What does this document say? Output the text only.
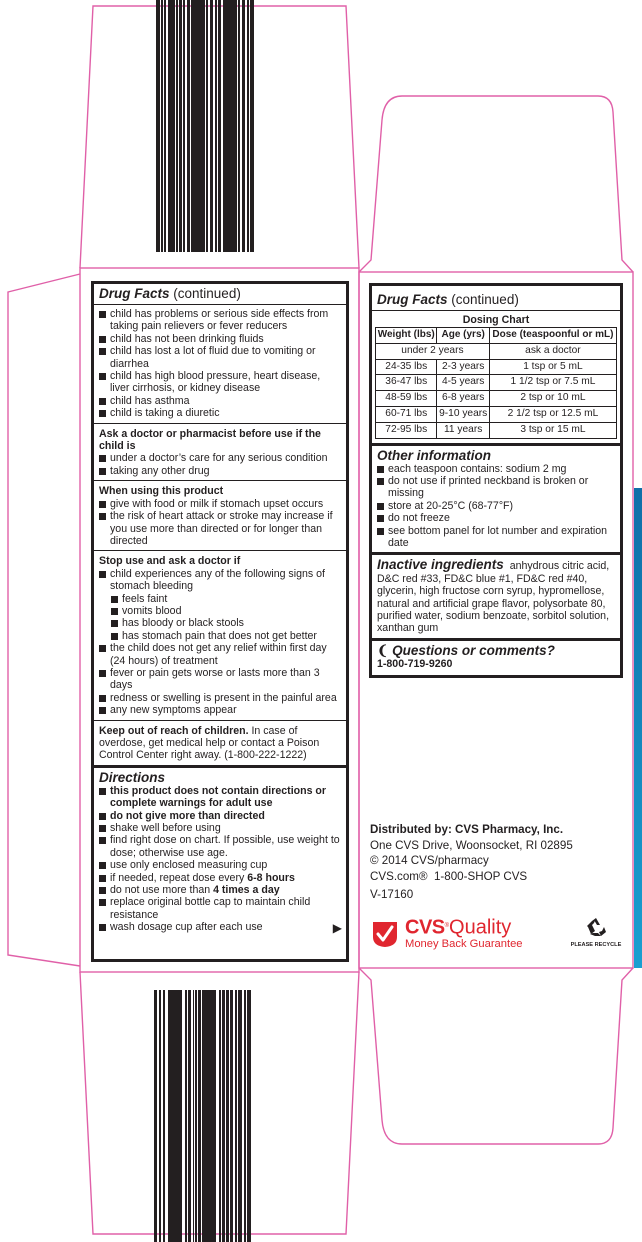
Drug Facts (continued)
child has problems or serious side effects from taking pain relievers or fever reducers
child has not been drinking fluids
child has lost a lot of fluid due to vomiting or diarrhea
child has high blood pressure, heart disease, liver cirrhosis, or kidney disease
child has asthma
child is taking a diuretic
Ask a doctor or pharmacist before use if the child is
under a doctor’s care for any serious condition
taking any other drug
When using this product
give with food or milk if stomach upset occurs
the risk of heart attack or stroke may increase if you use more than directed or for longer than directed
Stop use and ask a doctor if
child experiences any of the following signs of stomach bleeding
feels faint
vomits blood
has bloody or black stools
has stomach pain that does not get better
the child does not get any relief within first day (24 hours) of treatment
fever or pain gets worse or lasts more than 3 days
redness or swelling is present in the painful area
any new symptoms appear
Keep out of reach of children. In case of overdose, get medical help or contact a Poison Control Center right away. (1-800-222-1222)
Directions
this product does not contain directions or complete warnings for adult use
do not give more than directed
shake well before using
find right dose on chart. If possible, use weight to dose; otherwise use age.
use only enclosed measuring cup
if needed, repeat dose every 6-8 hours
do not use more than 4 times a day
replace original bottle cap to maintain child resistance
wash dosage cup after each use	▶
Drug Facts (continued)
Dosing Chart
Weight (lbs)	Age (yrs)	Dose (teaspoonful or mL)
under 2 years		ask a doctor
24-35 lbs	2-3 years	1 tsp or 5 mL
36-47 lbs	4-5 years	1 1/2 tsp or 7.5 mL
48-59 lbs	6-8 years	2 tsp or 10 mL
60-71 lbs	9-10 years	2 1/2 tsp or 12.5 mL
72-95 lbs	11 years	3 tsp or 15 mL
Other information
each teaspoon contains: sodium 2 mg
do not use if printed neckband is broken or missing
store at 20-25°C (68-77°F)
do not freeze
see bottom panel for lot number and expiration date
Inactive ingredients anhydrous citric acid, D&C red #33, FD&C blue #1, FD&C red #40, glycerin, high fructose corn syrup, hypromellose, natural and artificial grape flavor, polysorbate 80, purified water, sodium benzoate, sorbitol solution, xanthan gum
❨ Questions or comments?
1-800-719-9260
Distributed by: CVS Pharmacy, Inc.
One CVS Drive, Woonsocket, RI 02895
© 2014 CVS/pharmacy
CVS.com®  1-800-SHOP CVS
V-17160
CVS®Quality
Money Back Guarantee	PLEASE RECYCLE
